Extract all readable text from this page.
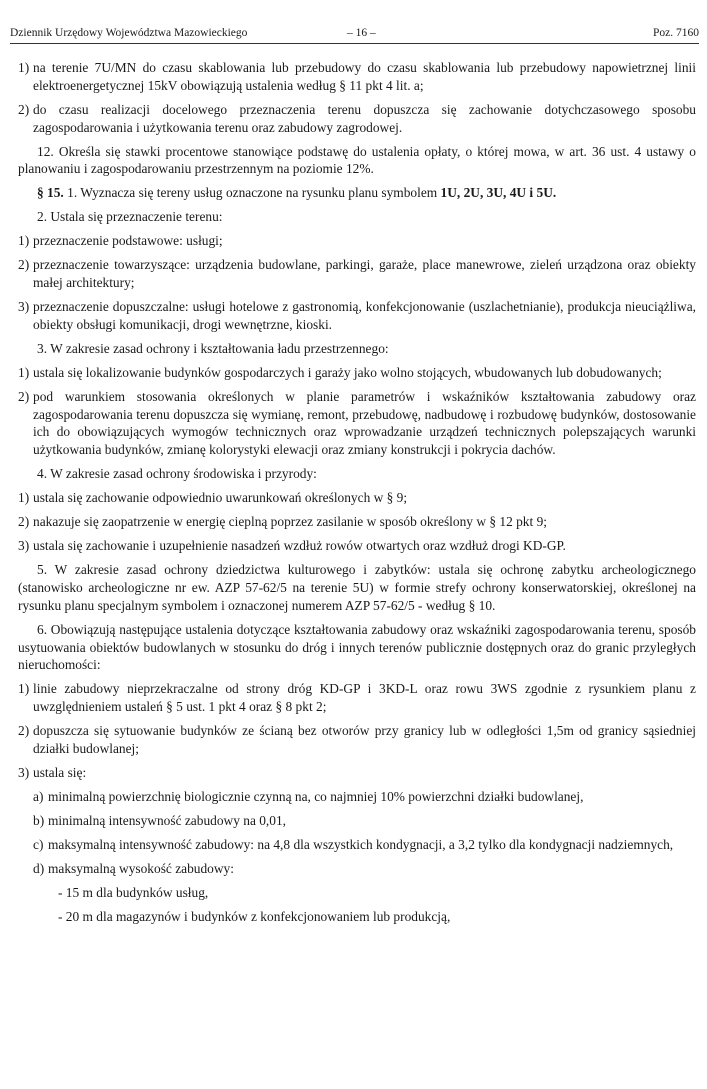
Dziennik Urzędowy Województwa Mazowieckiego	– 16 –	Poz. 7160

1) na terenie 7U/MN do czasu skablowania lub przebudowy do czasu skablowania lub przebudowy napowietrznej linii elektroenergetycznej 15kV obowiązują ustalenia według § 11 pkt 4 lit. a;

2) do czasu realizacji docelowego przeznaczenia terenu dopuszcza się zachowanie dotychczasowego sposobu zagospodarowania i użytkowania terenu oraz zabudowy zagrodowej.

12. Określa się stawki procentowe stanowiące podstawę do ustalenia opłaty, o której mowa, w art. 36 ust. 4 ustawy o planowaniu i zagospodarowaniu przestrzennym na poziomie 12%.

§ 15. 1. Wyznacza się tereny usług oznaczone na rysunku planu symbolem 1U, 2U, 3U, 4U i 5U.

2. Ustala się przeznaczenie terenu:

1) przeznaczenie podstawowe: usługi;

2) przeznaczenie towarzyszące: urządzenia budowlane, parkingi, garaże, place manewrowe, zieleń urządzona oraz obiekty małej architektury;

3) przeznaczenie dopuszczalne: usługi hotelowe z gastronomią, konfekcjonowanie (uszlachetnianie), produkcja nieuciążliwa, obiekty obsługi komunikacji, drogi wewnętrzne, kioski.

3. W zakresie zasad ochrony i kształtowania ładu przestrzennego:

1) ustala się lokalizowanie budynków gospodarczych i garaży jako wolno stojących, wbudowanych lub dobudowanych;

2) pod warunkiem stosowania określonych w planie parametrów i wskaźników kształtowania zabudowy oraz zagospodarowania terenu dopuszcza się wymianę, remont, przebudowę, nadbudowę i rozbudowę budynków, dostosowanie ich do obowiązujących wymogów technicznych oraz wprowadzanie urządzeń technicznych polepszających warunki użytkowania budynków, zmianę kolorystyki elewacji oraz zmiany konstrukcji i pokrycia dachów.

4. W zakresie zasad ochrony środowiska i przyrody:

1) ustala się zachowanie odpowiednio uwarunkowań określonych w § 9;

2) nakazuje się zaopatrzenie w energię cieplną poprzez zasilanie w sposób określony w § 12 pkt 9;

3) ustala się zachowanie i uzupełnienie nasadzeń wzdłuż rowów otwartych oraz wzdłuż drogi KD-GP.

5. W zakresie zasad ochrony dziedzictwa kulturowego i zabytków: ustala się ochronę zabytku archeologicznego (stanowisko archeologiczne nr ew. AZP 57-62/5 na terenie 5U) w formie strefy ochrony konserwatorskiej, określonej na rysunku planu specjalnym symbolem i oznaczonej numerem AZP 57-62/5 - według § 10.

6. Obowiązują następujące ustalenia dotyczące kształtowania zabudowy oraz wskaźniki zagospodarowania terenu, sposób usytuowania obiektów budowlanych w stosunku do dróg i innych terenów publicznie dostępnych oraz do granic przyległych nieruchomości:

1) linie zabudowy nieprzekraczalne od strony dróg KD-GP i 3KD-L oraz rowu 3WS zgodnie z rysunkiem planu z uwzględnieniem ustaleń § 5 ust. 1 pkt 4 oraz § 8 pkt 2;

2) dopuszcza się sytuowanie budynków ze ścianą bez otworów przy granicy lub w odległości 1,5m od granicy sąsiedniej działki budowlanej;

3) ustala się:

a) minimalną powierzchnię biologicznie czynną na, co najmniej 10% powierzchni działki budowlanej,

b) minimalną intensywność zabudowy na 0,01,

c) maksymalną intensywność zabudowy: na 4,8 dla wszystkich kondygnacji, a 3,2 tylko dla kondygnacji nadziemnych,

d) maksymalną wysokość zabudowy:

- 15 m dla budynków usług,

- 20 m dla magazynów i budynków z konfekcjonowaniem lub produkcją,
